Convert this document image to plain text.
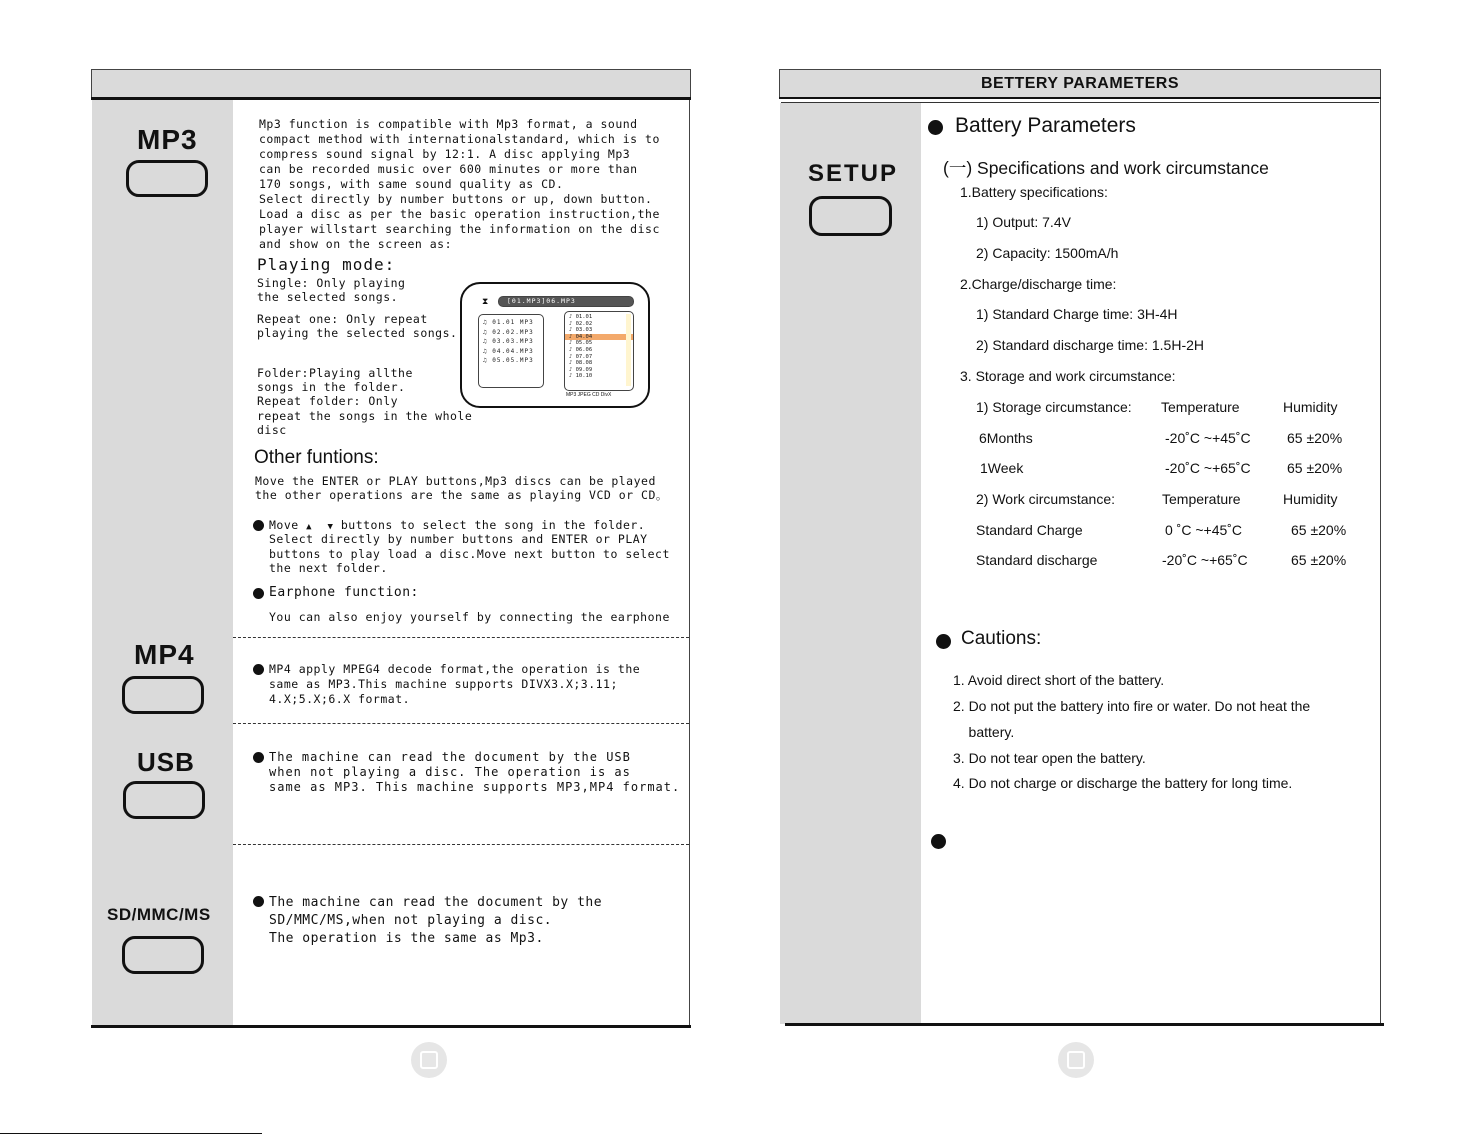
MP3
MP4
USB
SD/MMC/MS
Mp3 function is compatible with Mp3 format, a sound
compact method with internationalstandard, which is to
compress sound signal by 12:1. A disc applying Mp3
can be recorded music over 600 minutes or more than
170 songs, with same sound quality as CD.
Select directly by number buttons or up, down button.
Load a disc as per the basic operation instruction,the
player willstart searching the information on the disc
and show on the screen as:
Playing mode:
Single: Only playing
the selected songs.
Repeat one: Only repeat
playing the selected songs.
Folder:Playing allthe
songs in the folder.
Repeat folder: Only
repeat the songs in the whole
disc
⧗	[01.MP3]06.MP3
♫ 01.01 MP3
♫ 02.02.MP3
♫ 03.03.MP3
♫ 04.04.MP3
♫ 05.05.MP3
♪ 01.01
♪ 02.02
♪ 03.03
♪ 04.04
♪ 05.05
♪ 06.06
♪ 07.07
♪ 08.08
♪ 09.09
♪ 10.10
MP3 JPEG CD DivX
Other funtions:
Move the ENTER or PLAY buttons,Mp3 discs can be played
the other operations are the same as playing VCD or CD。
Move ▲ ▼ buttons to select the song in the folder.
Select directly by number buttons and ENTER or PLAY
buttons to play load a disc.Move next button to select
the next folder.
Earphone function:
You can also enjoy yourself by connecting the earphone
MP4 apply MPEG4 decode format,the operation is the
same as MP3.This machine supports DIVX3.X;3.11;
4.X;5.X;6.X format.
The machine can read the document by the USB
when not playing a disc. The operation is as
same as MP3. This machine supports MP3,MP4 format.
The machine can read the document by the
SD/MMC/MS,when not playing a disc.
The operation is the same as Mp3.
BETTERY PARAMETERS
SETUP
Battery Parameters
(一) Specifications and work circumstance
1.Battery specifications:
1) Output: 7.4V
2) Capacity: 1500mA/h
2.Charge/discharge time:
1) Standard Charge time: 3H-4H
2) Standard discharge time: 1.5H-2H
3. Storage and work circumstance:
1) Storage circumstance: Temperature	Humidity
6Months	-20˚C ~+45˚C	65 ±20%
1Week	-20˚C ~+65˚C	65 ±20%
2) Work circumstance:	Temperature	Humidity
Standard Charge	0 ˚C ~+45˚C	65 ±20%
Standard discharge	-20˚C ~+65˚C	65 ±20%
Cautions:
1. Avoid direct short of the battery.
2. Do not put the battery into fire or water. Do not heat the
battery.
3. Do not tear open the battery.
4. Do not charge or discharge the battery for long time.
